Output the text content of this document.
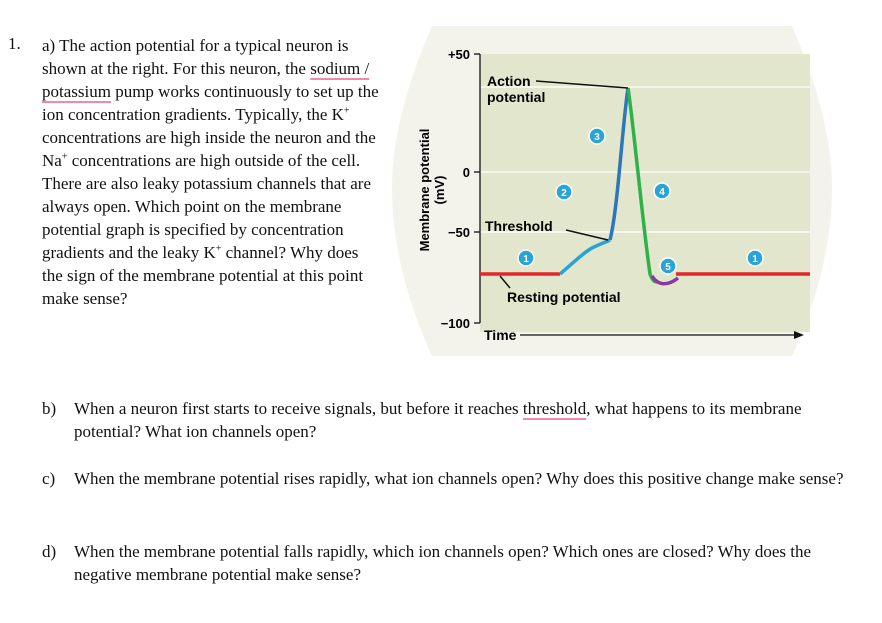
1. a) The action potential for a typical neuron is shown at the right. For this neuron, the sodium / potassium pump works continuously to set up the ion concentration gradients. Typically, the K+ concentrations are high inside the neuron and the Na+ concentrations are high outside of the cell. There are also leaky potassium channels that are always open. Which point on the membrane potential graph is specified by concentration gradients and the leaky K+ channel? Why does the sign of the membrane potential at this point make sense?

b) When a neuron first starts to receive signals, but before it reaches threshold, what happens to its membrane potential? What ion channels open?
c) When the membrane potential rises rapidly, what ion channels open? Why does this positive change make sense?
d) When the membrane potential falls rapidly, which ion channels open? Which ones are closed? Why does the negative membrane potential make sense?
+50
0
−50
−100
Membrane potential (mV)
Time
Action
potential
Threshold
Resting potential
1
2
3
4
5
1
